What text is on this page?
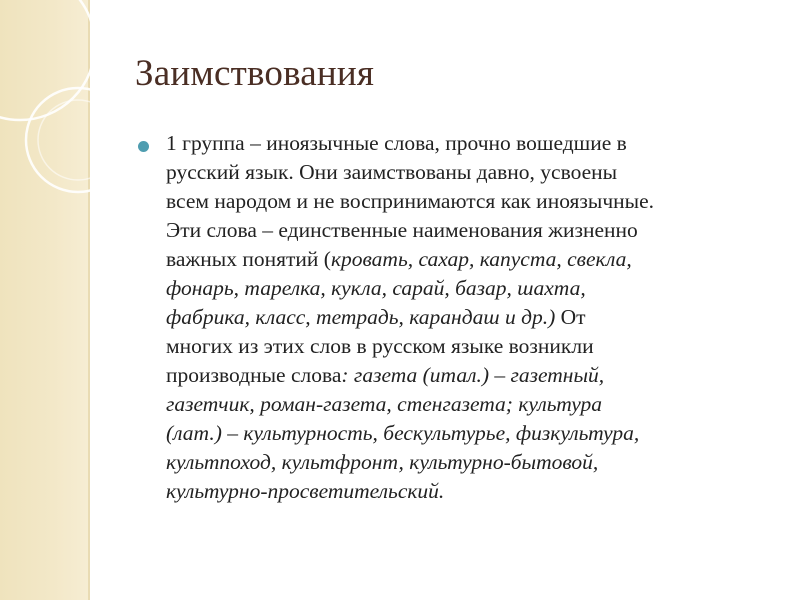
Заимствования

1 группа – иноязычные слова, прочно вошедшие в
русский язык. Они заимствованы давно, усвоены
всем народом и не воспринимаются как иноязычные.
Эти слова – единственные наименования жизненно
важных понятий (кровать, сахар, капуста, свекла,
фонарь, тарелка, кукла, сарай, базар, шахта,
фабрика, класс, тетрадь, карандаш и др.) От
многих из этих слов в русском языке возникли
производные слова: газета (итал.) – газетный,
газетчик, роман-газета, стенгазета; культура
(лат.) – культурность, бескультурье, физкультура,
культпоход, культфронт, культурно-бытовой,
культурно-просветительский.
